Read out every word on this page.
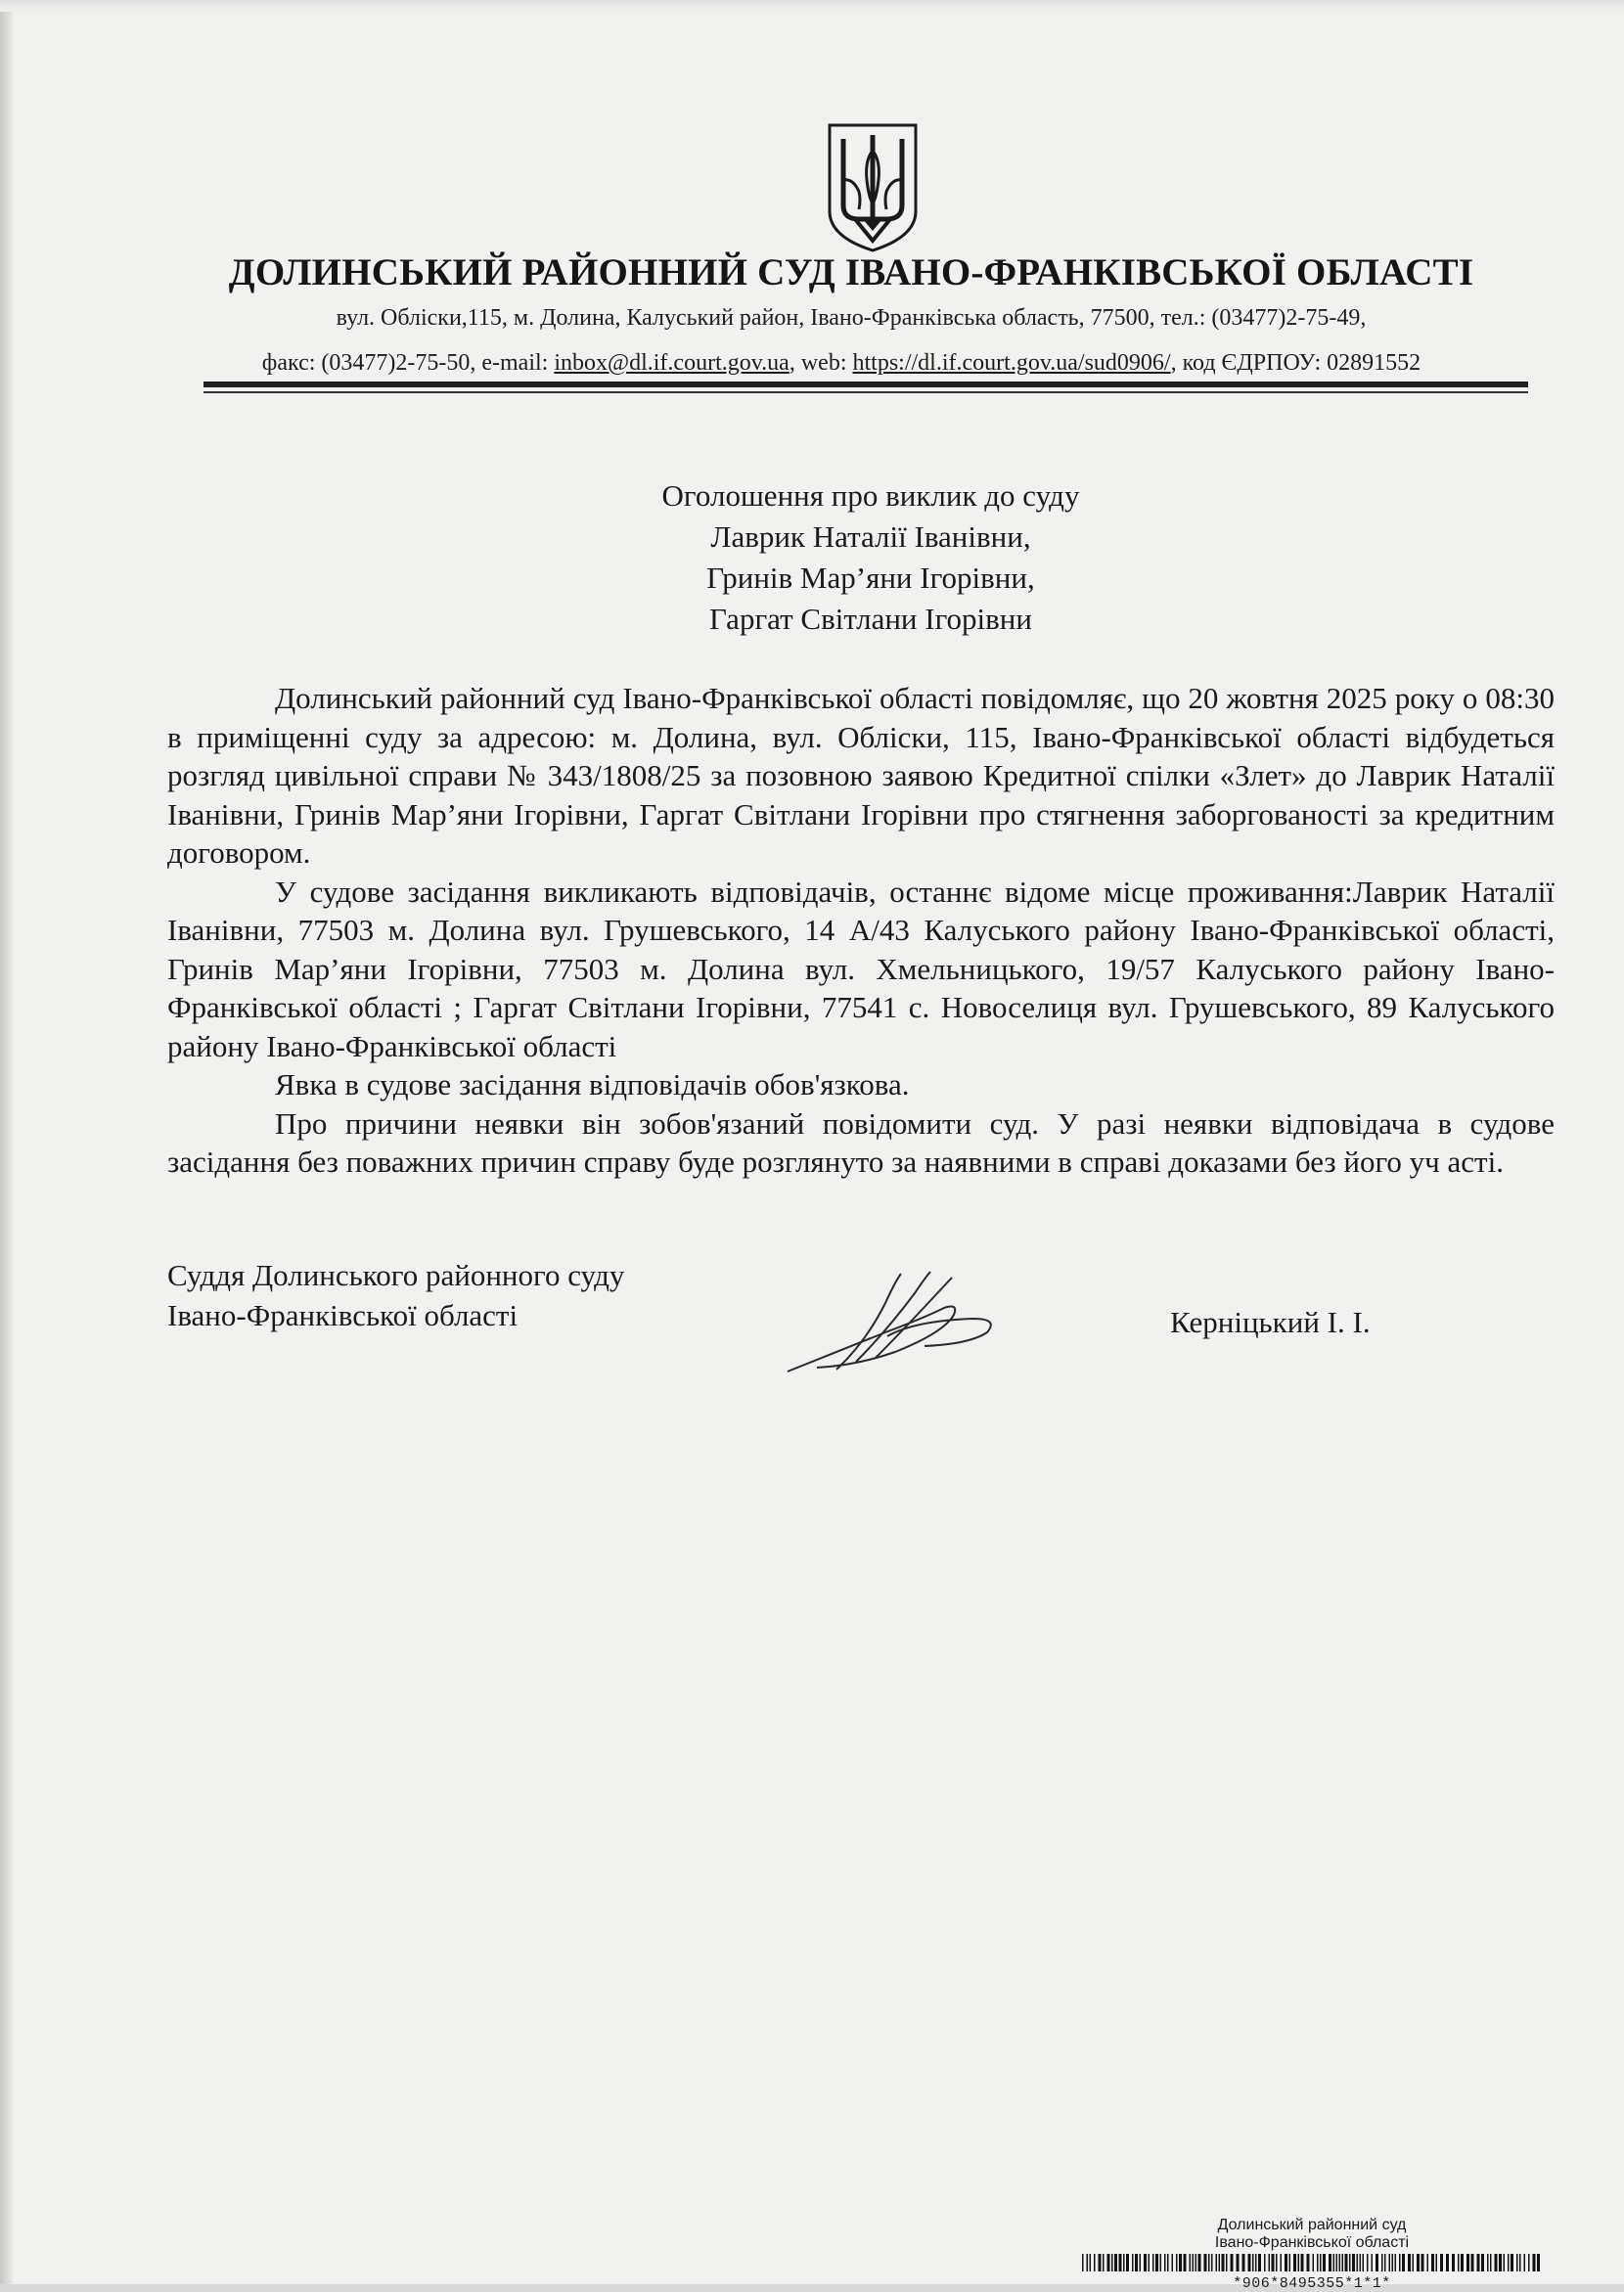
ДОЛИНСЬКИЙ РАЙОННИЙ СУД ІВАНО-ФРАНКІВСЬКОЇ ОБЛАСТІ
вул. Обліски,115, м. Долина, Калуський район, Івано-Франківська область, 77500, тел.: (03477)2-75-49,
факс: (03477)2-75-50, e-mail: inbox@dl.if.court.gov.ua, web: https://dl.if.court.gov.ua/sud0906/, код ЄДРПОУ: 02891552
Оголошення про виклик до суду
Лаврик Наталії Іванівни,
Гринів Мар’яни Ігорівни,
Гаргат Світлани Ігорівни

Долинський районний суд Івано-Франківської області повідомляє, що 20 жовтня 2025 року о 08:30 в приміщенні суду за адресою: м. Долина, вул. Обліски, 115, Івано-Франківської області відбудеться розгляд цивільної справи № 343/1808/25 за позовною заявою Кредитної спілки «Злет» до Лаврик Наталії Іванівни, Гринів Мар’яни Ігорівни, Гаргат Світлани Ігорівни про стягнення заборгованості за кредитним договором.

У судове засідання викликають відповідачів, останнє відоме місце проживання:Лаврик Наталії Іванівни, 77503 м. Долина вул. Грушевського, 14 А/43 Калуського району Івано-Франківської області, Гринів Мар’яни Ігорівни, 77503 м. Долина вул. Хмельницького, 19/57 Калуського району Івано-Франківської області ; Гаргат Світлани Ігорівни, 77541 с. Новоселиця вул. Грушевського, 89 Калуського району Івано-Франківської області

Явка в судове засідання відповідачів обов'язкова.

Про причини неявки він зобов'язаний повідомити суд. У разі неявки відповідача в судове засідання без поважних причин справу буде розглянуто за наявними в справі доказами без його уч асті.

Суддя Долинського районного суду
Івано-Франківської області	Керніцький І. І.
Долинський районний суд
Івано-Франківської області
*906*8495355*1*1*
